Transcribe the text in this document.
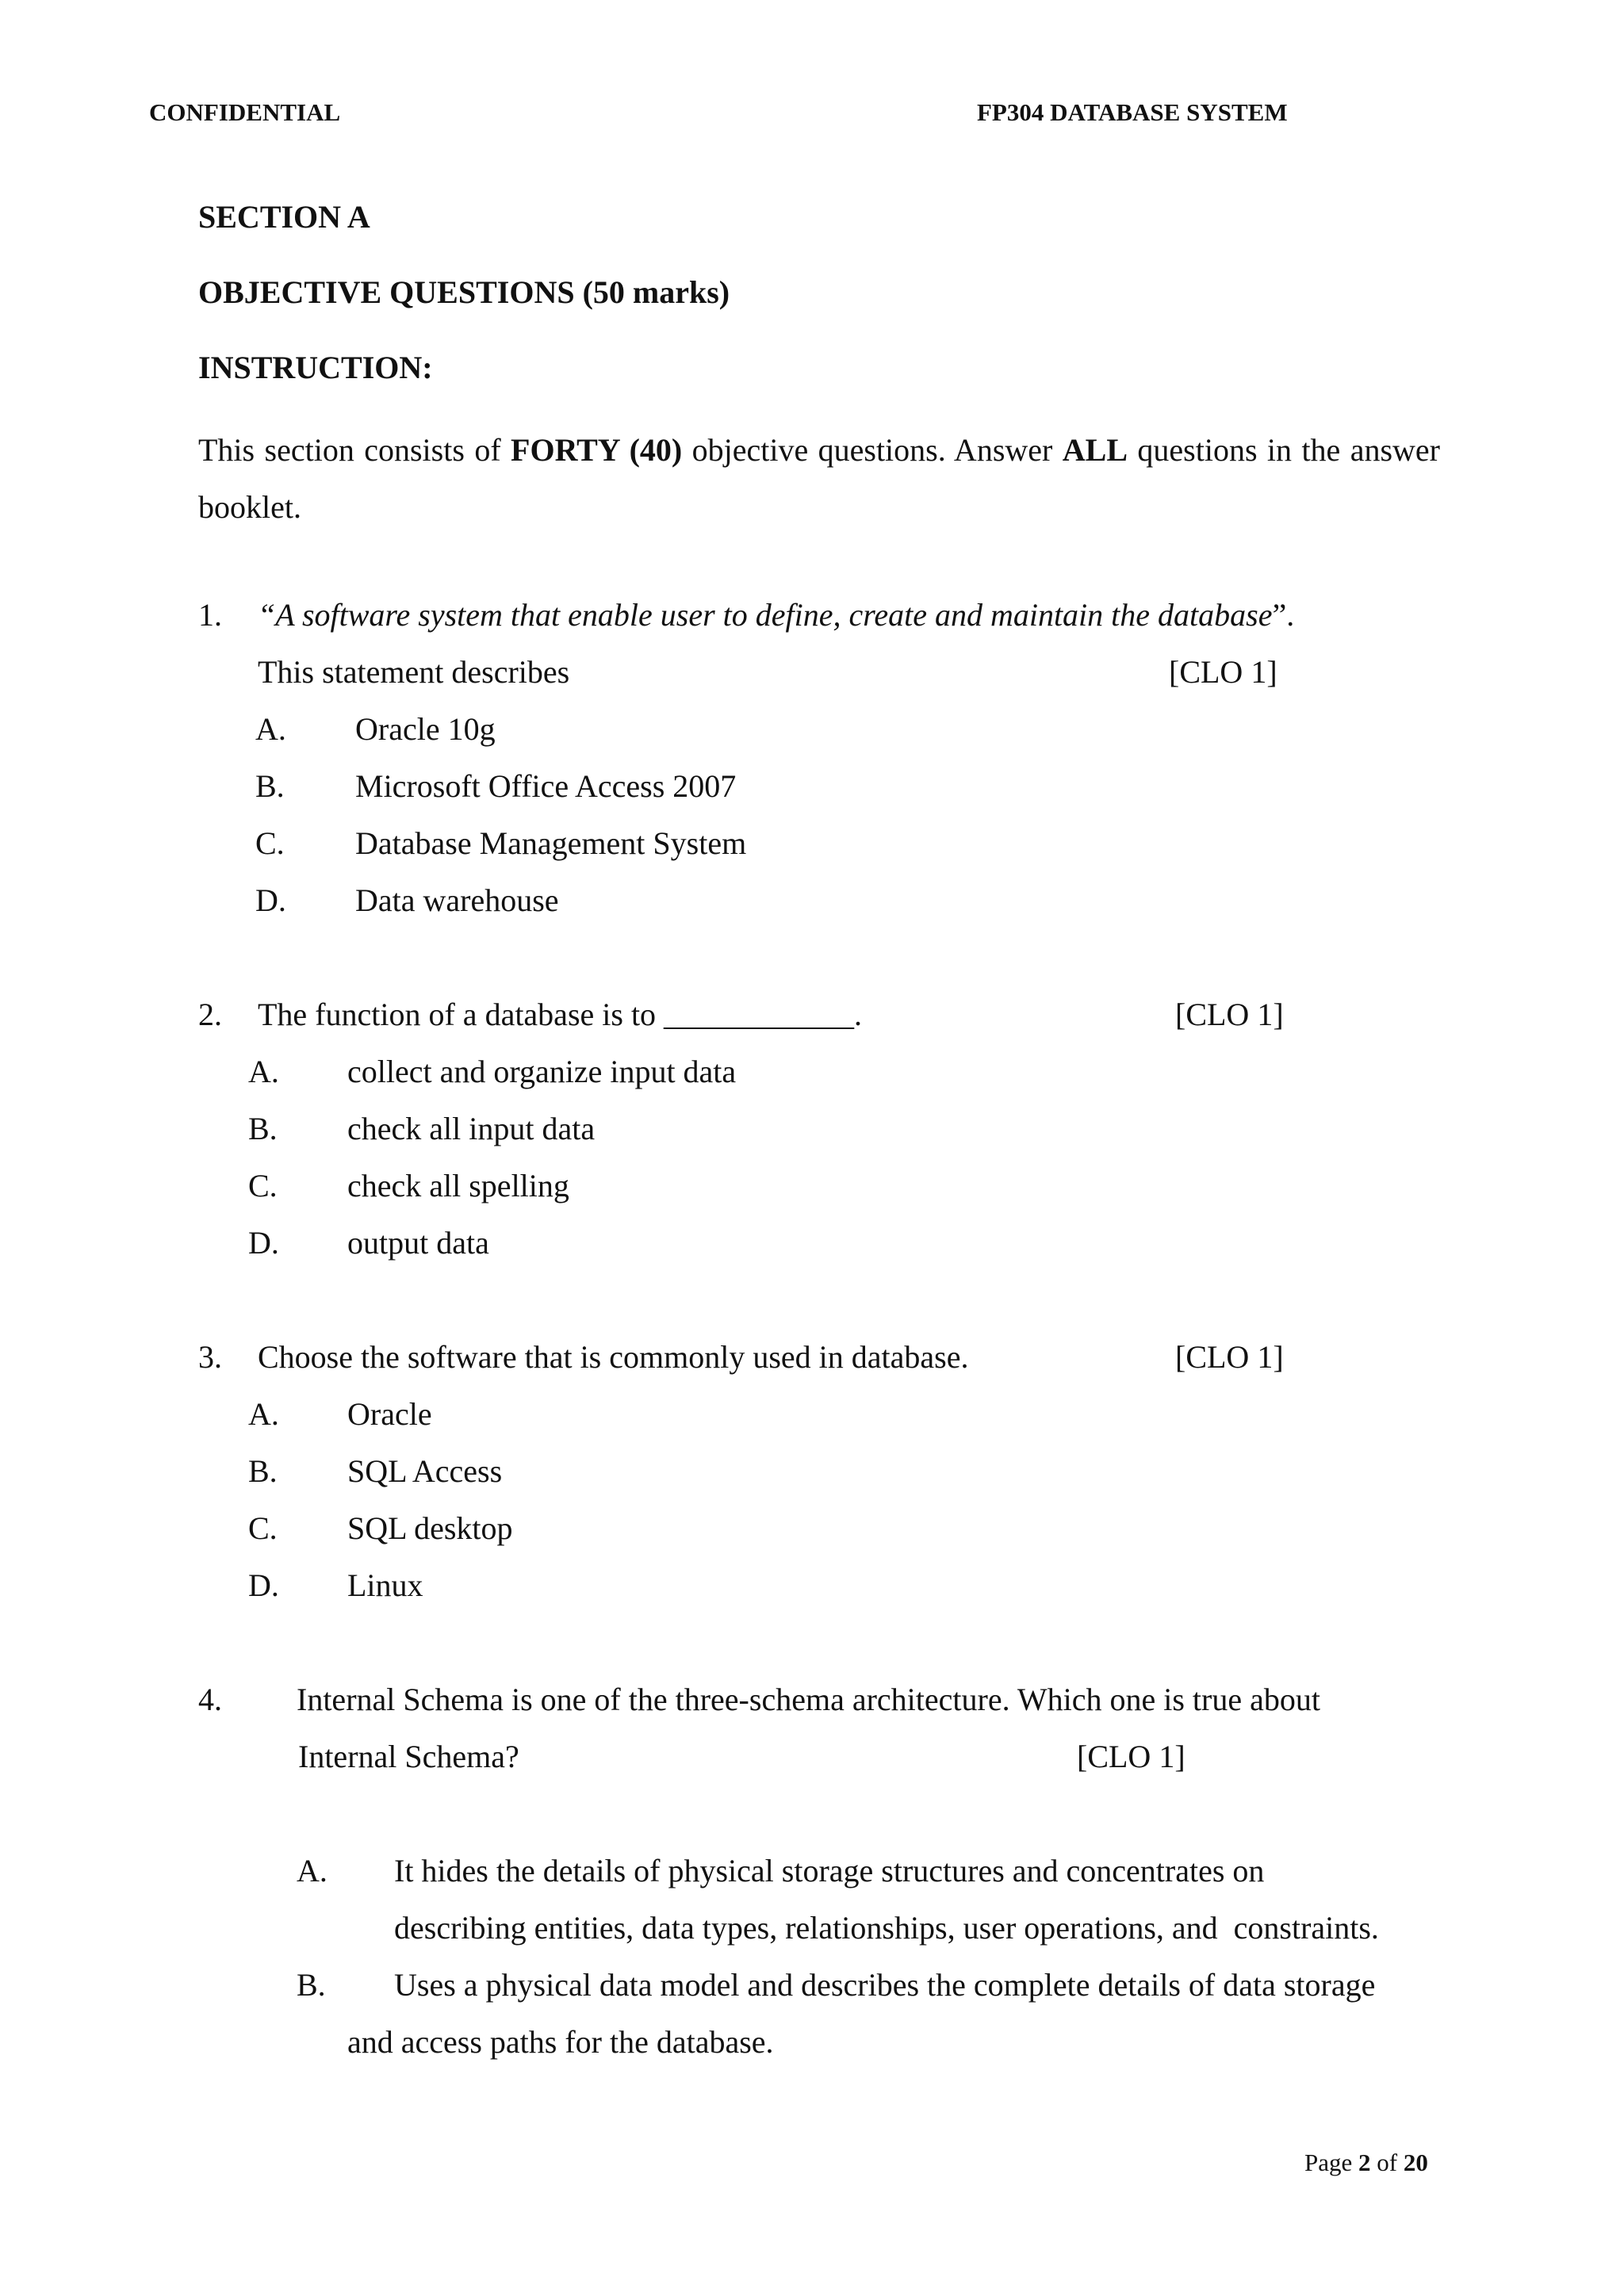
CONFIDENTIAL	FP304 DATABASE SYSTEM
SECTION A
OBJECTIVE QUESTIONS (50 marks)
INSTRUCTION:
This section consists of FORTY (40) objective questions. Answer ALL questions in the answer booklet.
1. “A software system that enable user to define, create and maintain the database”.
This statement describes	[CLO 1]
A. Oracle 10g
B. Microsoft Office Access 2007
C. Database Management System
D. Data warehouse
2. The function of a database is to ____________.	[CLO 1]
A. collect and organize input data
B. check all input data
C. check all spelling
D. output data
3. Choose the software that is commonly used in database.	[CLO 1]
A. Oracle
B. SQL Access
C. SQL desktop
D. Linux
4. Internal Schema is one of the three-schema architecture. Which one is true about
Internal Schema?	[CLO 1]
A. It hides the details of physical storage structures and concentrates on
describing entities, data types, relationships, user operations, and  constraints.
B. Uses a physical data model and describes the complete details of data storage
and access paths for the database.
Page 2 of 20
